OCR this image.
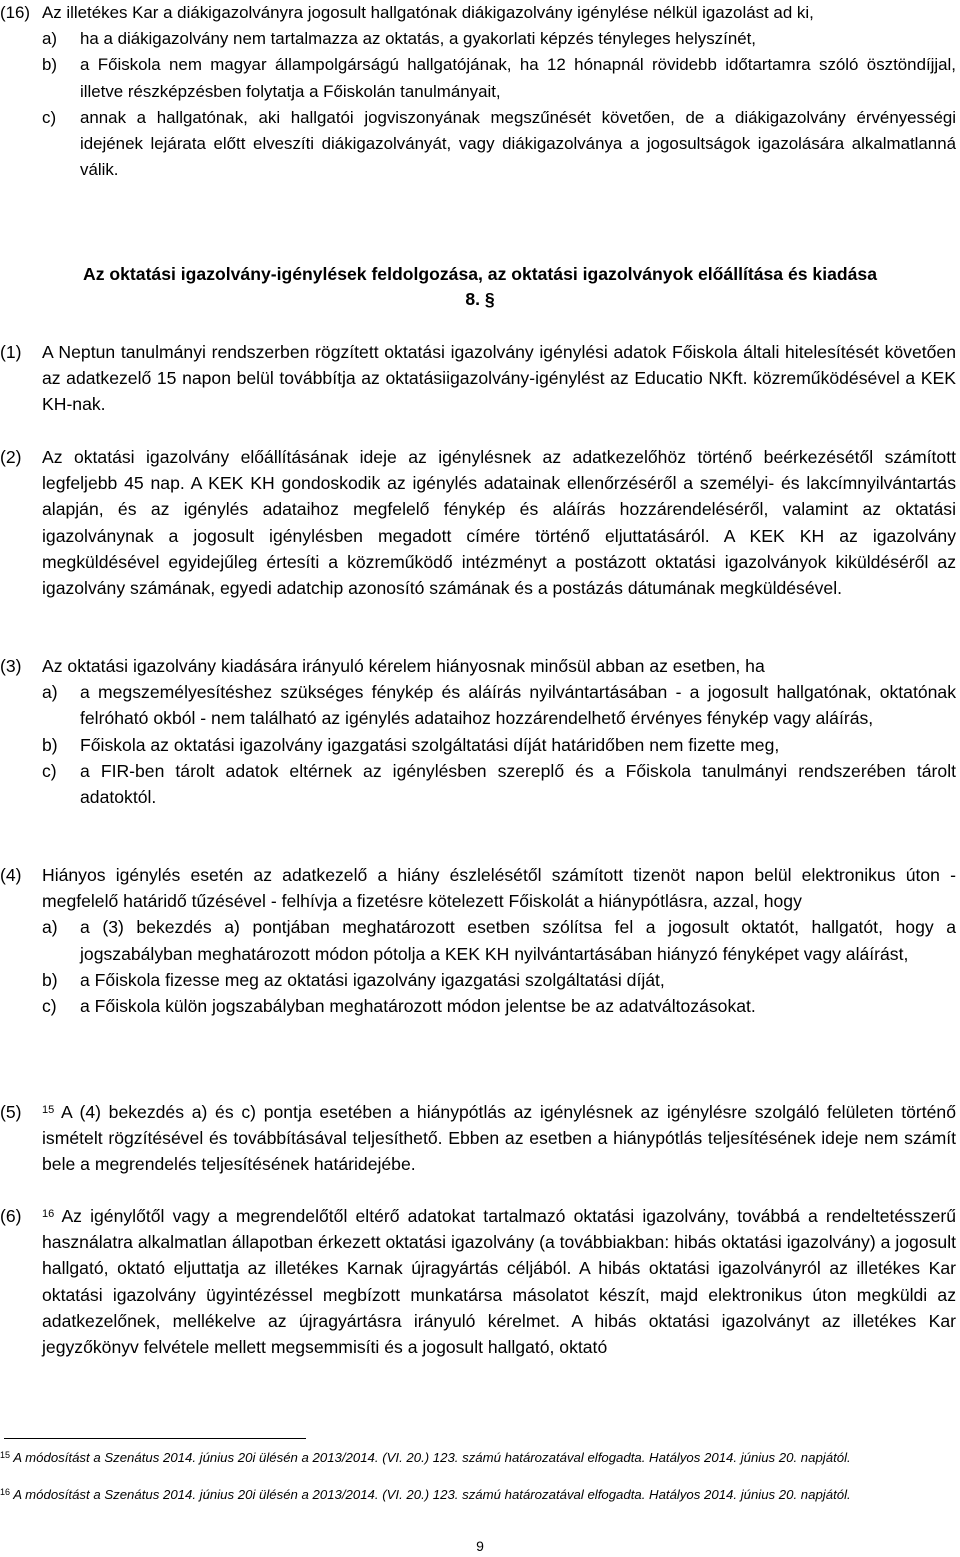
(16) Az illetékes Kar a diákigazolványra jogosult hallgatónak diákigazolvány igénylése nélkül igazolást ad ki,
a) ha a diákigazolvány nem tartalmazza az oktatás, a gyakorlati képzés tényleges helyszínét,
b) a Főiskola nem magyar állampolgárságú hallgatójának, ha 12 hónapnál rövidebb időtartamra szóló ösztöndíjjal, illetve részképzésben folytatja a Főiskolán tanulmányait,
c) annak a hallgatónak, aki hallgatói jogviszonyának megszűnését követően, de a diákigazolvány érvényességi idejének lejárata előtt elveszíti diákigazolványát, vagy diákigazolványa a jogosultságok igazolására alkalmatlanná válik.
Az oktatási igazolvány-igénylések feldolgozása, az oktatási igazolványok előállítása és kiadása
8. §
(1) A Neptun tanulmányi rendszerben rögzített oktatási igazolvány igénylési adatok Főiskola általi hitelesítését követően az adatkezelő 15 napon belül továbbítja az oktatásiigazolvány-igénylést az Educatio NKft. közreműködésével a KEK KH-nak.
(2) Az oktatási igazolvány előállításának ideje az igénylésnek az adatkezelőhöz történő beérkezésétől számított legfeljebb 45 nap. A KEK KH gondoskodik az igénylés adatainak ellenőrzéséről a személyi- és lakcímnyilvántartás alapján, és az igénylés adataihoz megfelelő fénykép és aláírás hozzárendeléséről, valamint az oktatási igazolványnak a jogosult igénylésben megadott címére történő eljuttatásáról. A KEK KH az igazolvány megküldésével egyidejűleg értesíti a közreműködő intézményt a postázott oktatási igazolványok kiküldéséről az igazolvány számának, egyedi adatchip azonosító számának és a postázás dátumának megküldésével.
(3) Az oktatási igazolvány kiadására irányuló kérelem hiányosnak minősül abban az esetben, ha
a) a megszemélyesítéshez szükséges fénykép és aláírás nyilvántartásában - a jogosult hallgatónak, oktatónak felróható okból - nem található az igénylés adataihoz hozzárendelhető érvényes fénykép vagy aláírás,
b) Főiskola az oktatási igazolvány igazgatási szolgáltatási díját határidőben nem fizette meg,
c) a FIR-ben tárolt adatok eltérnek az igénylésben szereplő és a Főiskola tanulmányi rendszerében tárolt adatoktól.
(4) Hiányos igénylés esetén az adatkezelő a hiány észlelésétől számított tizenöt napon belül elektronikus úton - megfelelő határidő tűzésével - felhívja a fizetésre kötelezett Főiskolát a hiánypótlásra, azzal, hogy
a) a (3) bekezdés a) pontjában meghatározott esetben szólítsa fel a jogosult oktatót, hallgatót, hogy a jogszabályban meghatározott módon pótolja a KEK KH nyilvántartásában hiányzó fényképet vagy aláírást,
b) a Főiskola fizesse meg az oktatási igazolvány igazgatási szolgáltatási díját,
c) a Főiskola külön jogszabályban meghatározott módon jelentse be az adatváltozásokat.
(5) $^{15}$ A (4) bekezdés a) és c) pontja esetében a hiánypótlás az igénylésnek az igénylésre szolgáló felületen történő ismételt rögzítésével és továbbításával teljesíthető. Ebben az esetben a hiánypótlás teljesítésének ideje nem számít bele a megrendelés teljesítésének határidejébe.
(6) $^{16}$ Az igénylőtől vagy a megrendelőtől eltérő adatokat tartalmazó oktatási igazolvány, továbbá a rendeltetésszerű használatra alkalmatlan állapotban érkezett oktatási igazolvány (a továbbiakban: hibás oktatási igazolvány) a jogosult hallgató, oktató eljuttatja az illetékes Karnak újragyártás céljából. A hibás oktatási igazolványról az illetékes Kar oktatási igazolvány ügyintézéssel megbízott munkatársa másolatot készít, majd elektronikus úton megküldi az adatkezelőnek, mellékelve az újragyártásra irányuló kérelmet. A hibás oktatási igazolványt az illetékes Kar jegyzőkönyv felvétele mellett megsemmisíti és a jogosult hallgató, oktató
$^{15}$ A módosítást a Szenátus 2014. június 20i ülésén a 2013/2014. (VI. 20.) 123. számú határozatával elfogadta. Hatályos 2014. június 20. napjától.
$^{16}$ A módosítást a Szenátus 2014. június 20i ülésén a 2013/2014. (VI. 20.) 123. számú határozatával elfogadta. Hatályos 2014. június 20. napjától.
9
